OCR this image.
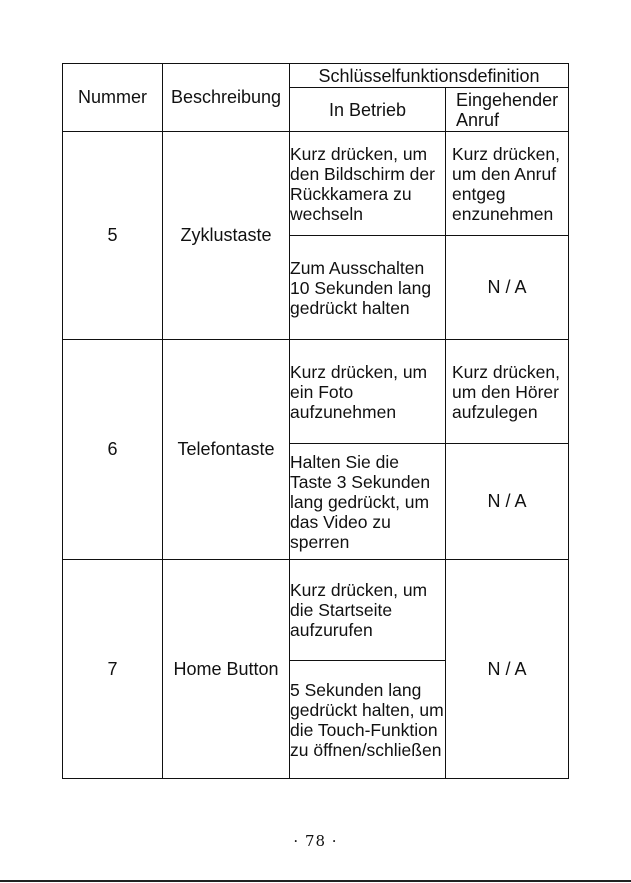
Nummer	Beschreibung	Schlüsselfunktionsdefinition	
		In Betrieb	Eingehender Anruf
5	Zyklustaste	Kurz drücken, um den Bildschirm der Rückkamera zu wechseln	Kurz drücken, um den Anruf entgeg enzunehmen
		Zum Ausschalten 10 Sekunden lang gedrückt halten	N / A
6	Telefontaste	Kurz drücken, um ein Foto aufzunehmen	Kurz drücken, um den Hörer aufzulegen
		Halten Sie die Taste 3 Sekunden lang gedrückt, um das Video zu sperren	N / A
7	Home Button	Kurz drücken, um die Startseite aufzurufen	N / A
		5 Sekunden lang gedrückt halten, um die Touch-Funktion zu öffnen/schließen	
· 78 ·
